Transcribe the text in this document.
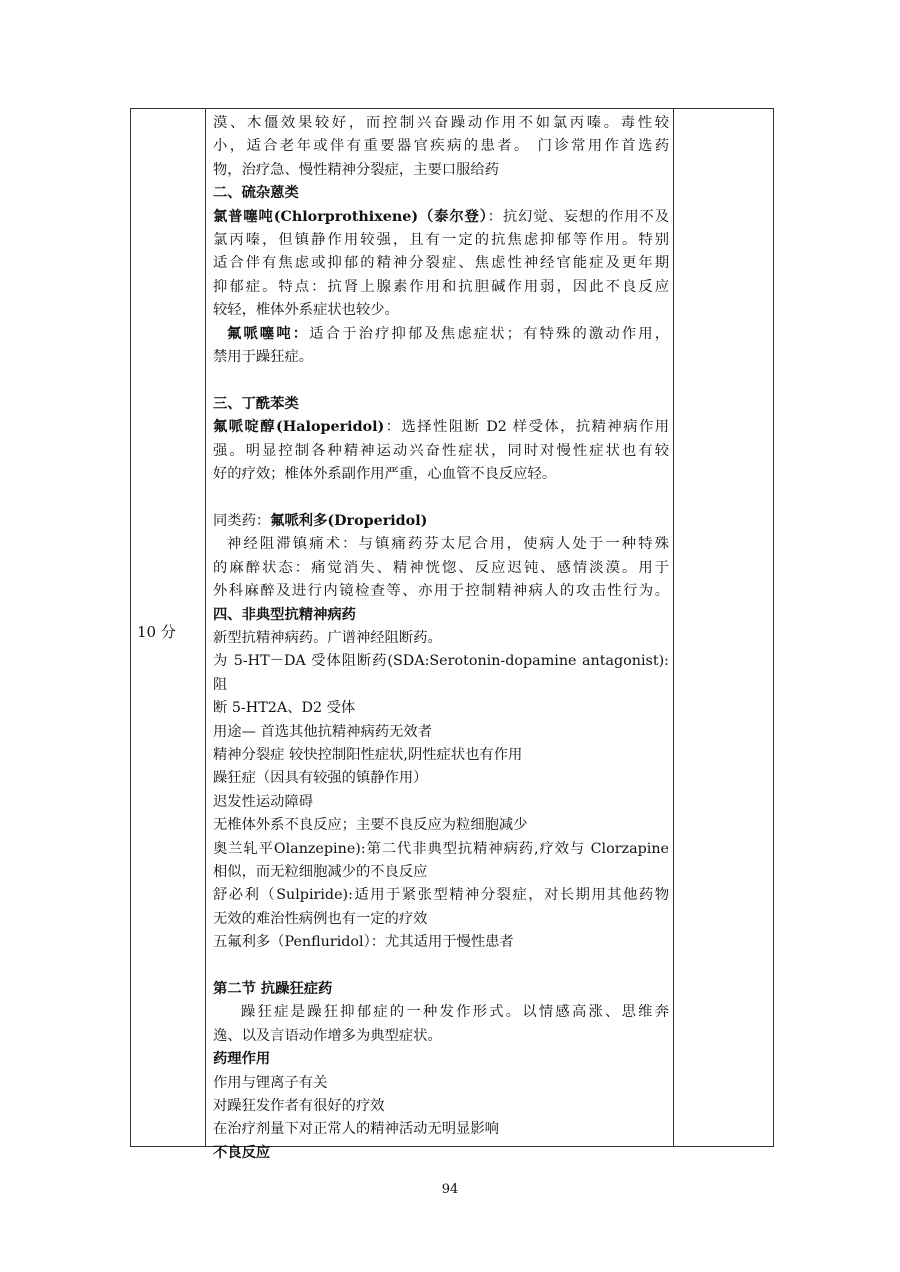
10 分

漠、木僵效果较好，而控制兴奋躁动作用不如氯丙嗪。毒性较
小，适合老年或伴有重要器官疾病的患者。 门诊常用作首选药
物，治疗急、慢性精神分裂症，主要口服给药
二、硫杂蒽类
氯普噻吨(Chlorprothixene)（泰尔登）：抗幻觉、妄想的作用不及
氯丙嗪，但镇静作用较强，且有一定的抗焦虑抑郁等作用。特别
适合伴有焦虑或抑郁的精神分裂症、焦虑性神经官能症及更年期
抑郁症。特点：抗肾上腺素作用和抗胆碱作用弱，因此不良反应
较轻，椎体外系症状也较少。
氟哌噻吨：适合于治疗抑郁及焦虑症状；有特殊的激动作用，
禁用于躁狂症。
三、丁酰苯类
氟哌啶醇(Haloperidol)：选择性阻断 D2 样受体，抗精神病作用
强。明显控制各种精神运动兴奋性症状，同时对慢性症状也有较
好的疗效；椎体外系副作用严重，心血管不良反应轻。
同类药：氟哌利多(Droperidol)
神经阻滞镇痛术：与镇痛药芬太尼合用，使病人处于一种特殊
的麻醉状态：痛觉消失、精神恍惚、反应迟钝、感情淡漠。用于
外科麻醉及进行内镜检查等、亦用于控制精神病人的攻击性行为。
四、非典型抗精神病药
新型抗精神病药。广谱神经阻断药。
为 5-HT－DA 受体阻断药(SDA:Serotonin-dopamine antagonist):阻
断 5-HT2A、D2 受体
用途— 首选其他抗精神病药无效者
精神分裂症 较快控制阳性症状,阴性症状也有作用
躁狂症（因具有较强的镇静作用）
迟发性运动障碍
无椎体外系不良反应；主要不良反应为粒细胞减少
奥兰轧平Olanzepine):第二代非典型抗精神病药,疗效与 Clorzapine
相似，而无粒细胞减少的不良反应
舒必利（Sulpiride):适用于紧张型精神分裂症，对长期用其他药物
无效的难治性病例也有一定的疗效
五氟利多（Penfluridol）：尤其适用于慢性患者
第二节 抗躁狂症药
躁狂症是躁狂抑郁症的一种发作形式。以情感高涨、思维奔
逸、以及言语动作增多为典型症状。
药理作用
作用与锂离子有关
对躁狂发作者有很好的疗效
在治疗剂量下对正常人的精神活动无明显影响
不良反应

94
